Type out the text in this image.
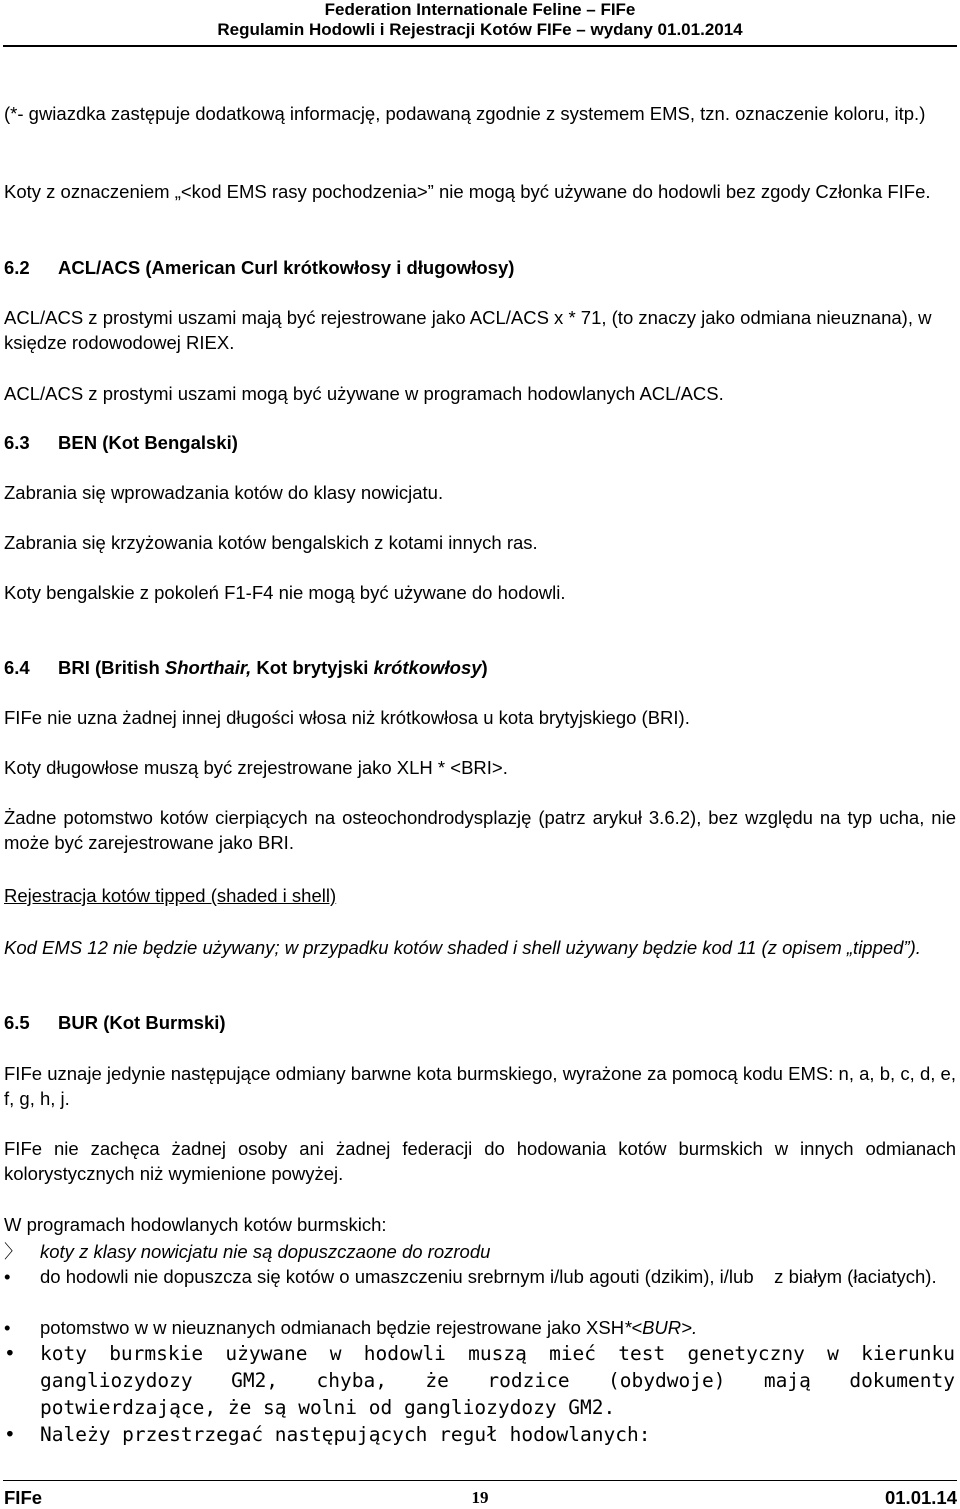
Federation Internationale Feline – FIFe
Regulamin Hodowli i Rejestracji Kotów FIFe – wydany 01.01.2014

(*- gwiazdka zastępuje dodatkową informację, podawaną zgodnie z systemem EMS, tzn. oznaczenie koloru, itp.)

Koty z oznaczeniem „<kod EMS rasy pochodzenia>” nie mogą być używane do hodowli bez zgody Członka FIFe.

6.2 ACL/ACS (American Curl krótkowłosy i długowłosy)

ACL/ACS z prostymi uszami mają być rejestrowane jako ACL/ACS x * 71, (to znaczy jako odmiana nieuznana), w księdze rodowodowej RIEX.

ACL/ACS z prostymi uszami mogą być używane w programach hodowlanych ACL/ACS.

6.3 BEN (Kot Bengalski)

Zabrania się wprowadzania kotów do klasy nowicjatu.

Zabrania się krzyżowania kotów bengalskich z kotami innych ras.

Koty bengalskie z pokoleń F1-F4 nie mogą być używane do hodowli.

6.4 BRI (British Shorthair, Kot brytyjski krótkowłosy)

FIFe nie uzna żadnej innej długości włosa niż krótkowłosa u kota brytyjskiego (BRI).

Koty długowłose muszą być zrejestrowane jako XLH * <BRI>.

Żadne potomstwo kotów cierpiących na osteochondrodysplazję (patrz arykuł 3.6.2), bez względu na typ ucha, nie może być zarejestrowane jako BRI.

Rejestracja kotów tipped (shaded i shell)

Kod EMS 12 nie będzie używany; w przypadku kotów shaded i shell używany będzie kod 11 (z opisem „tipped”).

6.5 BUR (Kot Burmski)

FIFe uznaje jedynie następujące odmiany barwne kota burmskiego, wyrażone za pomocą kodu EMS: n, a, b, c, d, e, f, g, h, j.

FIFe nie zachęca żadnej osoby ani żadnej federacji do hodowania kotów burmskich w innych odmianach kolorystycznych niż wymienione powyżej.

W programach hodowlanych kotów burmskich:

〉 koty z klasy nowicjatu nie są dopuszczaone do rozrodu
•	do hodowli nie dopuszcza się kotów o umaszczeniu srebrnym i/lub agouti (dzikim), i/lub    z białym (łaciatych).
•	potomstwo w w nieuznanych odmianach będzie rejestrowane jako XSH*<BUR>.
•	koty burmskie używane w hodowli muszą mieć test genetyczny w kierunku gangliozydozy GM2, chyba, że rodzice (obydwoje) mają dokumenty potwierdzające, że są wolni od gangliozydozy GM2.
•	Należy przestrzegać następujących reguł hodowlanych:
FIFe	19	01.01.14
